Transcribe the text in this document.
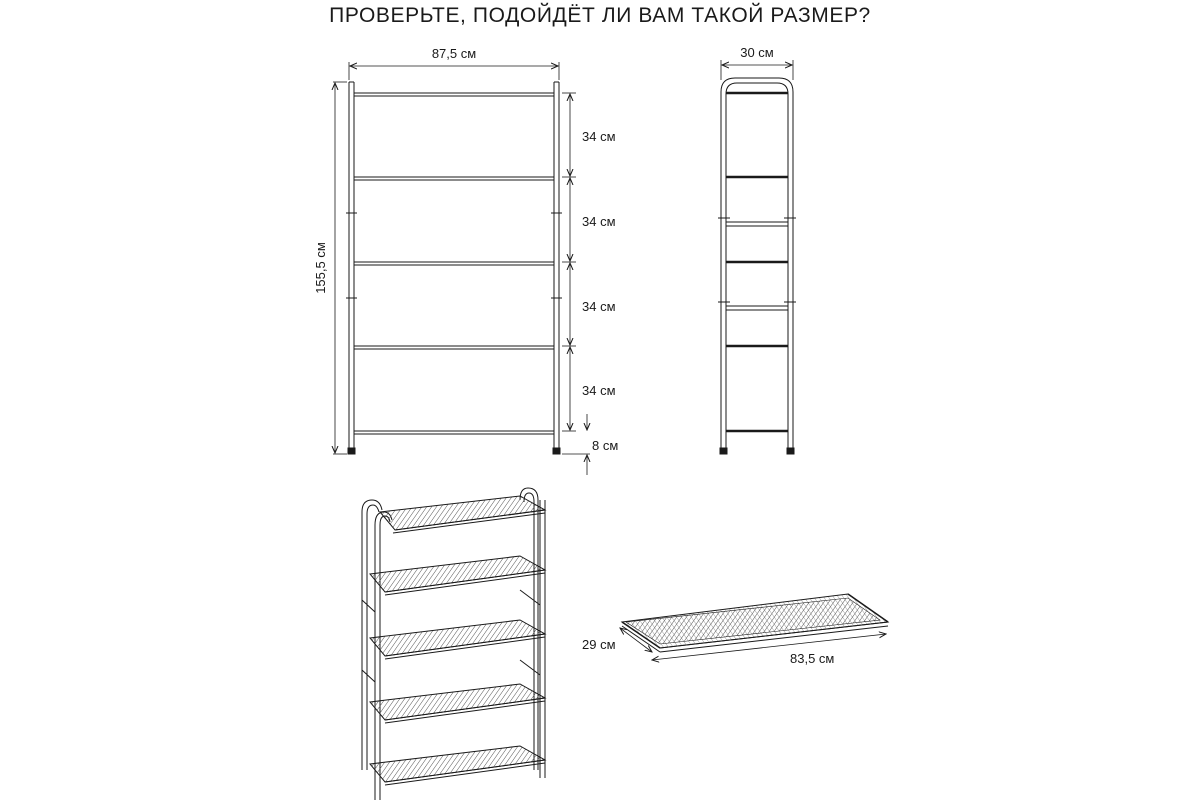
ПРОВЕРЬТЕ, ПОДОЙДЁТ ЛИ ВАМ ТАКОЙ РАЗМЕР?
87,5 см
155,5 см
34 см
34 см
34 см
34 см
8 см
30 см
29 см
83,5 см
